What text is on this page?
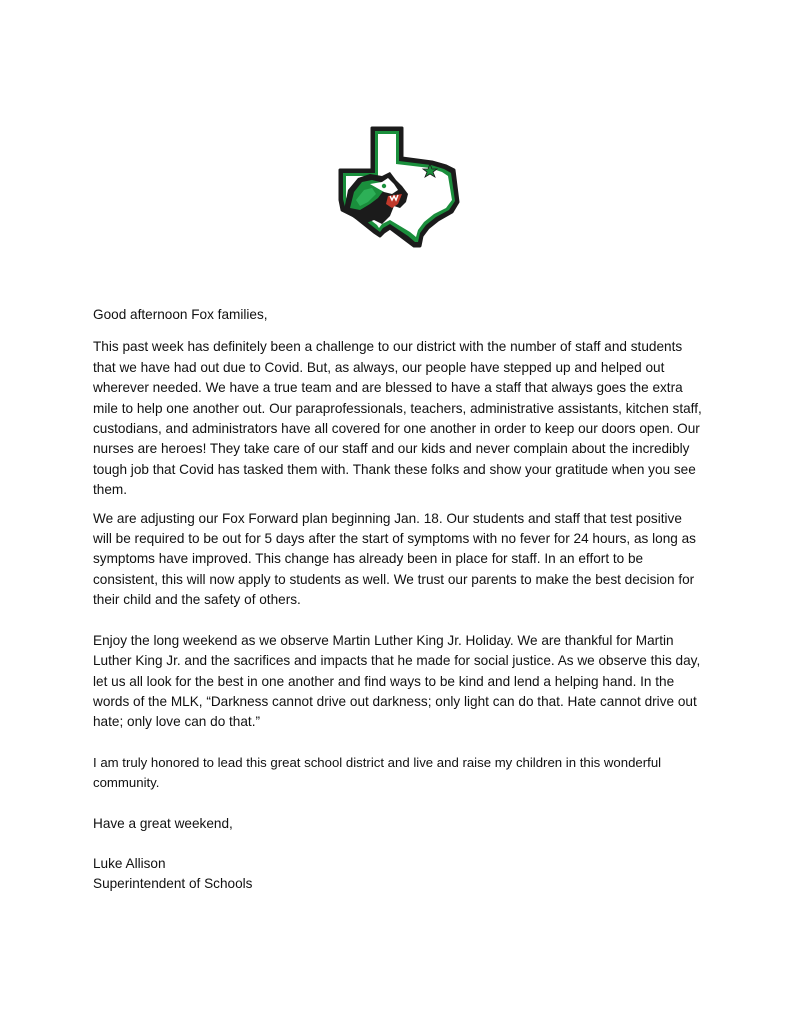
Good afternoon Fox families,

This past week has definitely been a challenge to our district with the number of staff and students that we have had out due to Covid. But, as always, our people have stepped up and helped out wherever needed. We have a true team and are blessed to have a staff that always goes the extra mile to help one another out. Our paraprofessionals, teachers, administrative assistants, kitchen staff, custodians, and administrators have all covered for one another in order to keep our doors open. Our nurses are heroes! They take care of our staff and our kids and never complain about the incredibly tough job that Covid has tasked them with. Thank these folks and show your gratitude when you see them.

We are adjusting our Fox Forward plan beginning Jan. 18. Our students and staff that test positive will be required to be out for 5 days after the start of symptoms with no fever for 24 hours, as long as symptoms have improved. This change has already been in place for staff. In an effort to be consistent, this will now apply to students as well. We trust our parents to make the best decision for their child and the safety of others.

Enjoy the long weekend as we observe Martin Luther King Jr. Holiday. We are thankful for Martin Luther King Jr. and the sacrifices and impacts that he made for social justice. As we observe this day, let us all look for the best in one another and find ways to be kind and lend a helping hand. In the words of the MLK, “Darkness cannot drive out darkness; only light can do that. Hate cannot drive out hate; only love can do that.”

I am truly honored to lead this great school district and live and raise my children in this wonderful community.

Have a great weekend,

Luke Allison
Superintendent of Schools
